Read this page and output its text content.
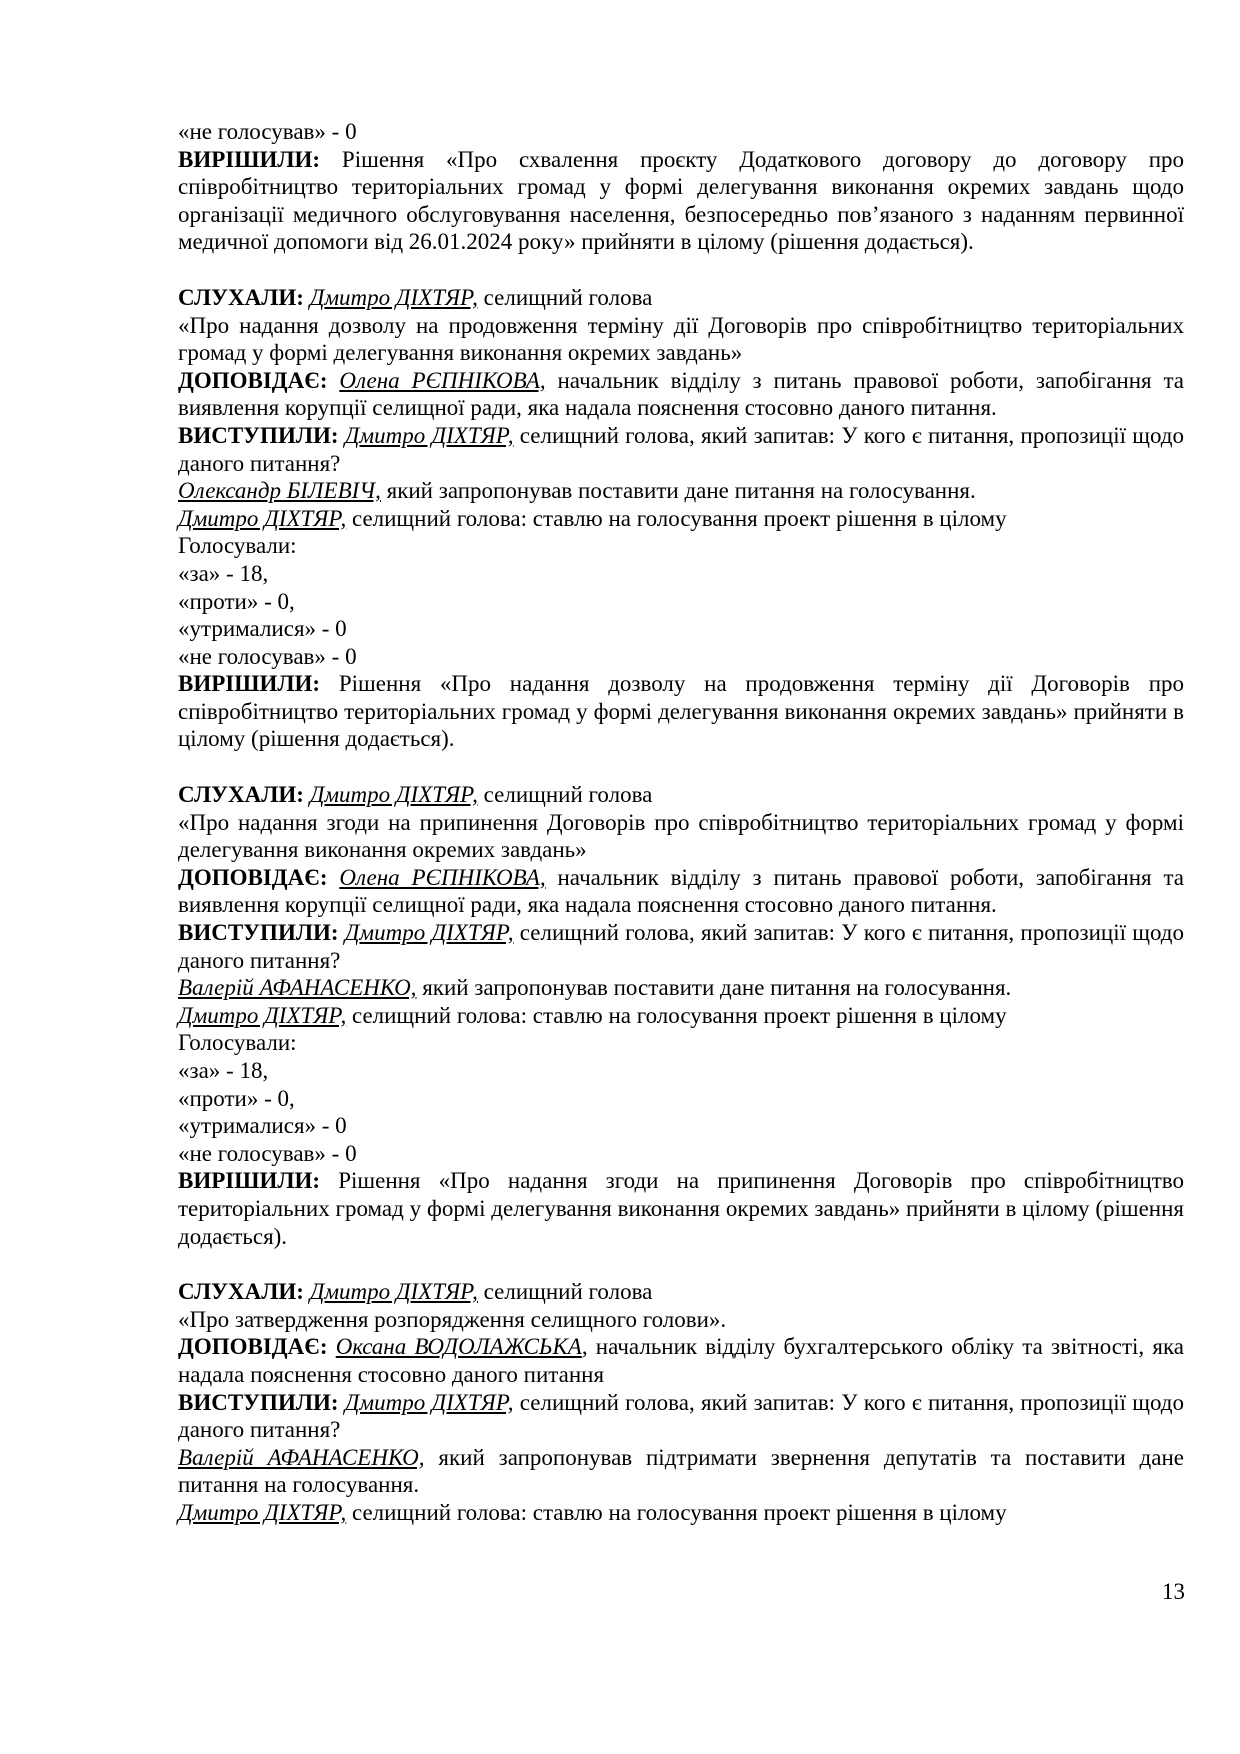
«не голосував» - 0

ВИРІШИЛИ: Рішення «Про схвалення проєкту Додаткового договору до договору про співробітництво територіальних громад у формі делегування виконання окремих завдань щодо організації медичного обслуговування населення, безпосередньо пов’язаного з наданням первинної медичної допомоги від 26.01.2024 року» прийняти в цілому (рішення додається).

СЛУХАЛИ: Дмитро ДІХТЯР, селищний голова

«Про надання дозволу на продовження терміну дії Договорів про співробітництво територіальних громад у формі делегування виконання окремих завдань»

ДОПОВІДАЄ: Олена РЄПНІКОВА, начальник відділу з питань правової роботи, запобігання та виявлення корупції селищної ради, яка надала пояснення стосовно даного питання.

ВИСТУПИЛИ: Дмитро ДІХТЯР, селищний голова, який запитав: У кого є питання, пропозиції щодо даного питання?

Олександр БІЛЕВІЧ, який запропонував поставити дане питання на голосування.

Дмитро ДІХТЯР, селищний голова: ставлю на голосування проект рішення в цілому

Голосували:

«за» - 18,

«проти» - 0,

«утрималися» - 0

«не голосував» - 0

ВИРІШИЛИ: Рішення «Про надання дозволу на продовження терміну дії Договорів про співробітництво територіальних громад у формі делегування виконання окремих завдань» прийняти в цілому (рішення додається).

СЛУХАЛИ: Дмитро ДІХТЯР, селищний голова

«Про надання згоди на припинення Договорів про співробітництво територіальних громад у формі делегування виконання окремих завдань»

ДОПОВІДАЄ: Олена РЄПНІКОВА, начальник відділу з питань правової роботи, запобігання та виявлення корупції селищної ради, яка надала пояснення стосовно даного питання.

ВИСТУПИЛИ: Дмитро ДІХТЯР, селищний голова, який запитав: У кого є питання, пропозиції щодо даного питання?

Валерій АФАНАСЕНКО, який запропонував поставити дане питання на голосування.

Дмитро ДІХТЯР, селищний голова: ставлю на голосування проект рішення в цілому

Голосували:

«за» - 18,

«проти» - 0,

«утрималися» - 0

«не голосував» - 0

ВИРІШИЛИ: Рішення «Про надання згоди на припинення Договорів про співробітництво територіальних громад у формі делегування виконання окремих завдань» прийняти в цілому (рішення додається).

СЛУХАЛИ: Дмитро ДІХТЯР, селищний голова

«Про затвердження розпорядження селищного голови».

ДОПОВІДАЄ: Оксана ВОДОЛАЖСЬКА, начальник відділу бухгалтерського обліку та звітності, яка надала пояснення стосовно даного питання

ВИСТУПИЛИ: Дмитро ДІХТЯР, селищний голова, який запитав: У кого є питання, пропозиції щодо даного питання?

Валерій АФАНАСЕНКО, який запропонував підтримати звернення депутатів та поставити дане питання на голосування.

Дмитро ДІХТЯР, селищний голова: ставлю на голосування проект рішення в цілому

13
